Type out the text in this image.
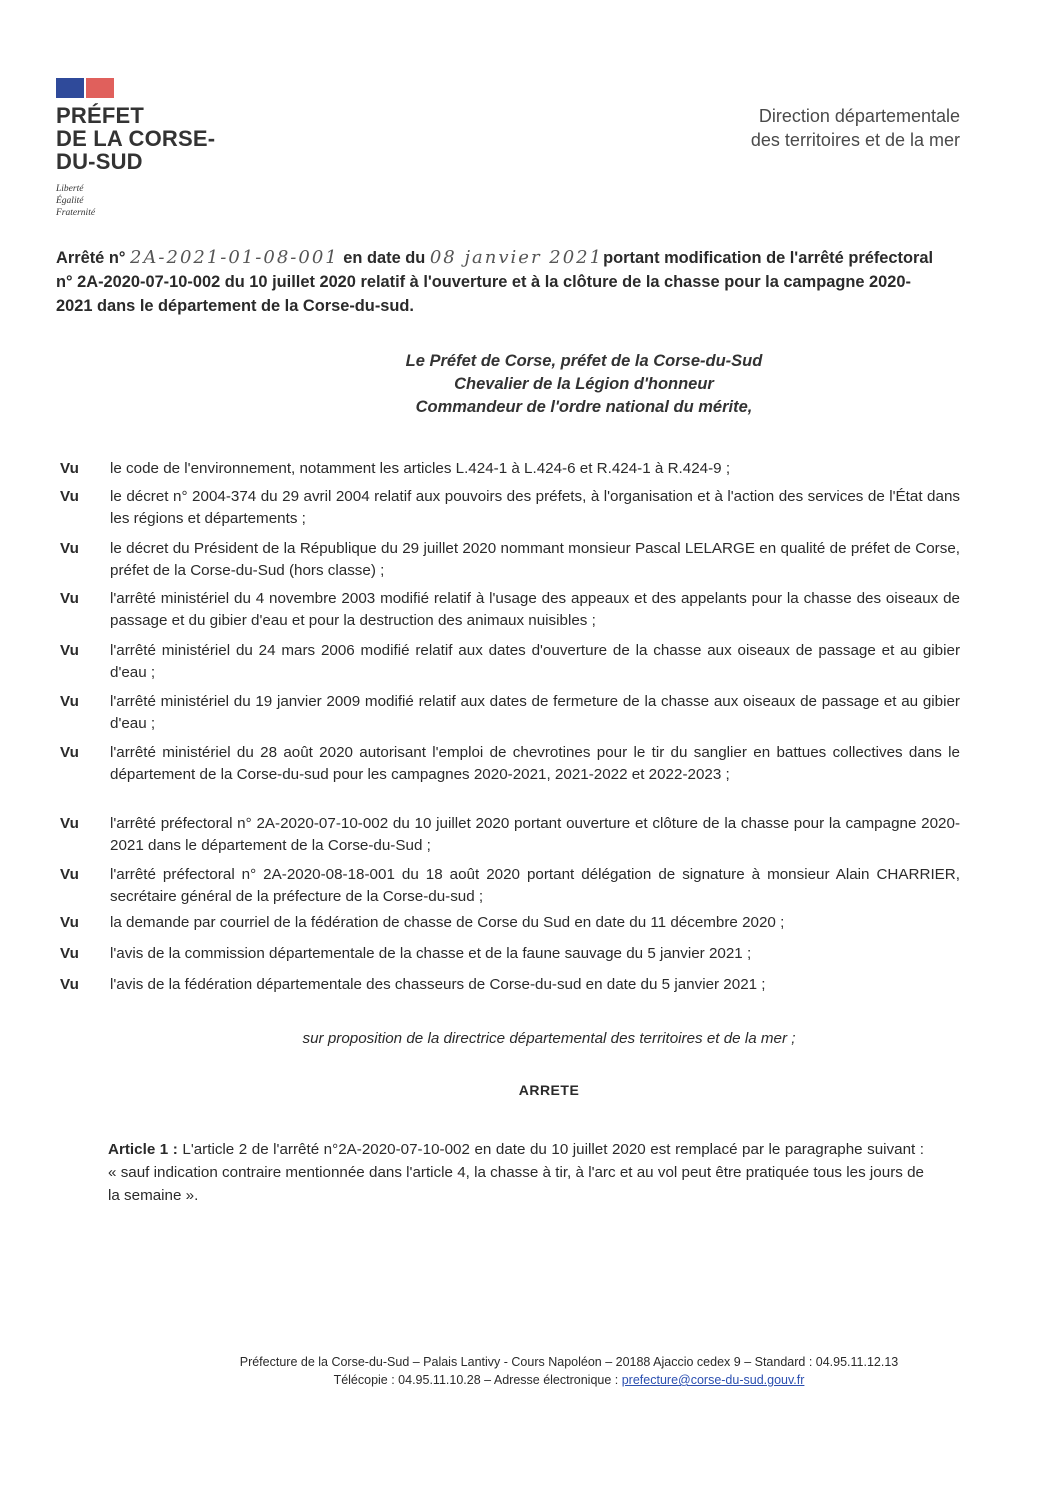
PRÉFET
DE LA CORSE-
DU-SUD
Liberté
Égalité
Fraternité
Direction départementale
des territoires et de la mer
Arrêté n° 2A-2021-01-08-001 en date du 08 janvier 2021portant modification de l'arrêté préfectoral n° 2A-2020-07-10-002 du 10 juillet 2020 relatif à l'ouverture et à la clôture de la chasse pour la campagne 2020-2021 dans le département de la Corse-du-sud.
Le Préfet de Corse, préfet de la Corse-du-Sud
Chevalier de la Légion d'honneur
Commandeur de l'ordre national du mérite,
Vu	le code de l'environnement, notamment les articles L.424-1 à L.424-6 et R.424-1 à R.424-9 ;
Vu	le décret n° 2004-374 du 29 avril 2004 relatif aux pouvoirs des préfets, à l'organisation et à l'action des services de l'État dans les régions et départements ;
Vu	le décret du Président de la République du 29 juillet 2020 nommant monsieur Pascal LELARGE en qualité de préfet de Corse, préfet de la Corse-du-Sud (hors classe) ;
Vu	l'arrêté ministériel du 4 novembre 2003 modifié relatif à l'usage des appeaux et des appelants pour la chasse des oiseaux de passage et du gibier d'eau et pour la destruction des animaux nuisibles ;
Vu	l'arrêté ministériel du 24 mars 2006 modifié relatif aux dates d'ouverture de la chasse aux oiseaux de passage et au gibier d'eau ;
Vu	l'arrêté ministériel du 19 janvier 2009 modifié relatif aux dates de fermeture de la chasse aux oiseaux de passage et au gibier d'eau ;
Vu	l'arrêté ministériel du 28 août 2020 autorisant l'emploi de chevrotines pour le tir du sanglier en battues collectives dans le département de la Corse-du-sud pour les campagnes 2020-2021, 2021-2022 et 2022-2023 ;
Vu	l'arrêté préfectoral n° 2A-2020-07-10-002 du 10 juillet 2020 portant ouverture et clôture de la chasse pour la campagne 2020-2021 dans le département de la Corse-du-Sud ;
Vu	l'arrêté préfectoral n° 2A-2020-08-18-001 du 18 août 2020 portant délégation de signature à monsieur Alain CHARRIER, secrétaire général de la préfecture de la Corse-du-sud ;
Vu	la demande par courriel de la fédération de chasse de Corse du Sud en date du 11 décembre 2020 ;
Vu	l'avis de la commission départementale de la chasse et de la faune sauvage du 5 janvier 2021 ;
Vu	l'avis de la fédération départementale des chasseurs de Corse-du-sud en date du 5 janvier 2021 ;
sur proposition de la directrice départemental des territoires et de la mer ;
ARRETE
Article 1 : L'article 2 de l'arrêté n°2A-2020-07-10-002 en date du 10 juillet 2020 est remplacé par le paragraphe suivant : « sauf indication contraire mentionnée dans l'article 4, la chasse à tir, à l'arc et au vol peut être pratiquée tous les jours de la semaine ».
Préfecture de la Corse-du-Sud – Palais Lantivy - Cours Napoléon – 20188 Ajaccio cedex 9 – Standard : 04.95.11.12.13
Télécopie : 04.95.11.10.28 – Adresse électronique : prefecture@corse-du-sud.gouv.fr
